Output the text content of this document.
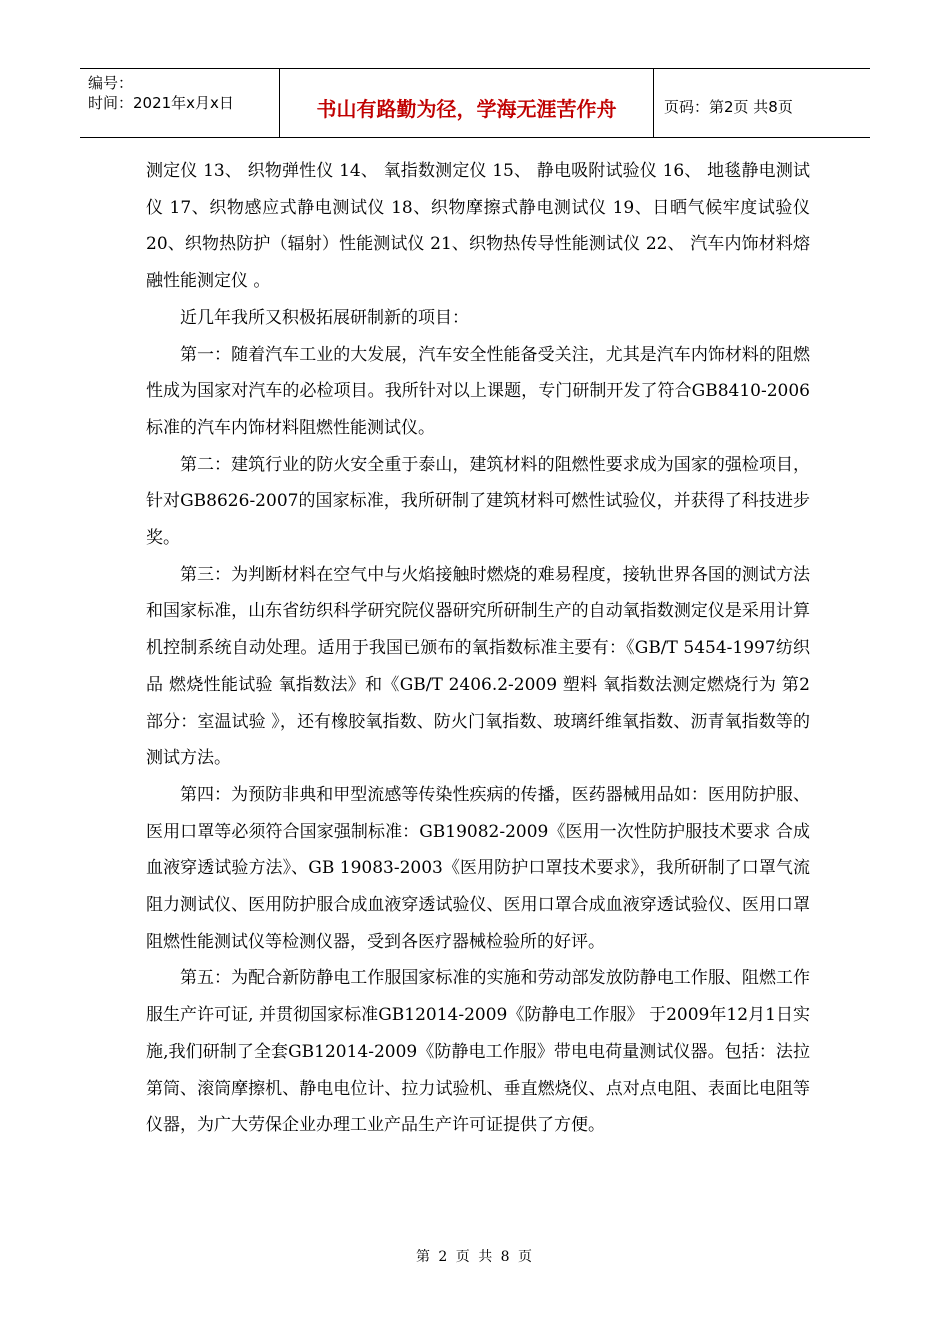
编号：
时间：2021年x月x日	书山有路勤为径，学海无涯苦作舟	页码：第2页 共8页

测定仪 13、 织物弹性仪 14、 氧指数测定仪 15、 静电吸附试验仪 16、 地毯静电测试仪 17、织物感应式静电测试仪 18、织物摩擦式静电测试仪 19、日晒气候牢度试验仪 20、织物热防护（辐射）性能测试仪 21、织物热传导性能测试仪 22、 汽车内饰材料熔融性能测定仪 。

近几年我所又积极拓展研制新的项目：

第一：随着汽车工业的大发展，汽车安全性能备受关注，尤其是汽车内饰材料的阻燃性成为国家对汽车的必检项目。我所针对以上课题，专门研制开发了符合GB8410-2006标准的汽车内饰材料阻燃性能测试仪。

第二：建筑行业的防火安全重于泰山，建筑材料的阻燃性要求成为国家的强检项目，针对GB8626-2007的国家标准，我所研制了建筑材料可燃性试验仪，并获得了科技进步奖。

第三：为判断材料在空气中与火焰接触时燃烧的难易程度，接轨世界各国的测试方法和国家标准，山东省纺织科学研究院仪器研究所研制生产的自动氧指数测定仪是采用计算机控制系统自动处理。适用于我国已颁布的氧指数标准主要有：《GB/T 5454-1997纺织品 燃烧性能试验 氧指数法》和《GB/T 2406.2-2009 塑料 氧指数法测定燃烧行为 第2部分：室温试验 》，还有橡胶氧指数、防火门氧指数、玻璃纤维氧指数、沥青氧指数等的测试方法。

第四：为预防非典和甲型流感等传染性疾病的传播，医药器械用品如：医用防护服、医用口罩等必须符合国家强制标准：GB19082-2009《医用一次性防护服技术要求 合成血液穿透试验方法》、GB 19083-2003《医用防护口罩技术要求》，我所研制了口罩气流阻力测试仪、医用防护服合成血液穿透试验仪、医用口罩合成血液穿透试验仪、医用口罩阻燃性能测试仪等检测仪器，受到各医疗器械检验所的好评。

第五：为配合新防静电工作服国家标准的实施和劳动部发放防静电工作服、阻燃工作服生产许可证, 并贯彻国家标准GB12014-2009《防静电工作服》 于2009年12月1日实施,我们研制了全套GB12014-2009《防静电工作服》带电电荷量测试仪器。包括：法拉第筒、滚筒摩擦机、静电电位计、拉力试验机、垂直燃烧仪、点对点电阻、表面比电阻等仪器，为广大劳保企业办理工业产品生产许可证提供了方便。

第 2 页 共 8 页
